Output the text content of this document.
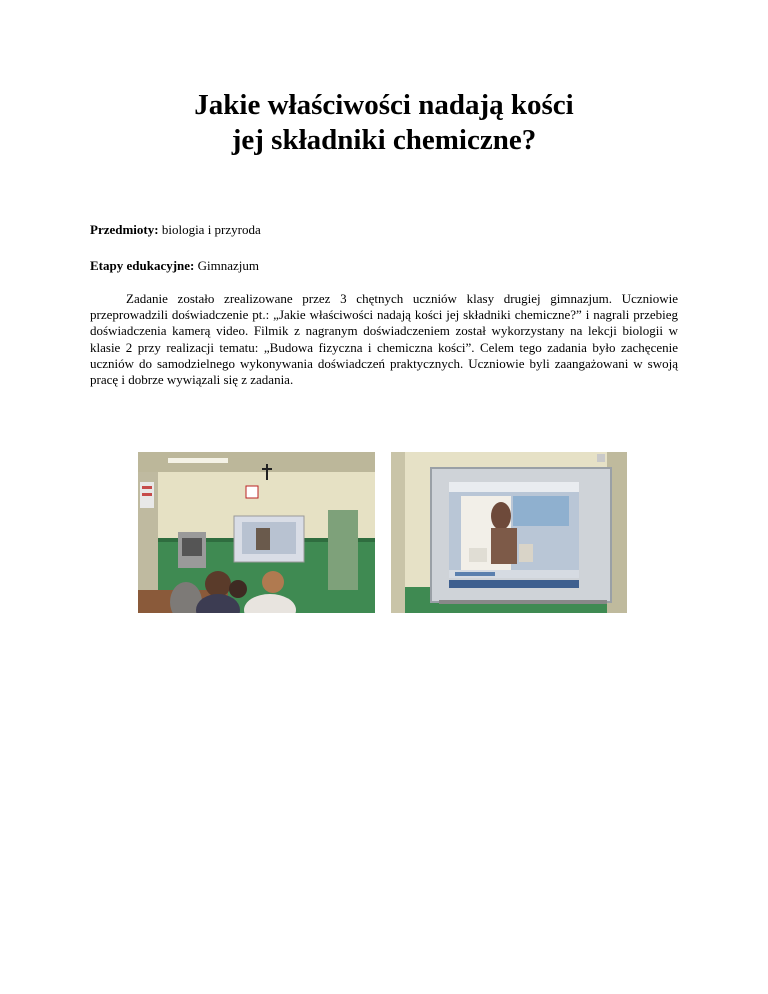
Jakie właściwości nadają kości
jej składniki chemiczne?
Przedmioty: biologia i przyroda
Etapy edukacyjne: Gimnazjum
Zadanie zostało zrealizowane przez 3 chętnych uczniów klasy drugiej gimnazjum. Uczniowie przeprowadzili doświadczenie pt.: „Jakie właściwości nadają kości jej składniki chemiczne?” i nagrali przebieg doświadczenia kamerą video. Filmik z nagranym doświadczeniem został wykorzystany na lekcji biologii w klasie 2 przy realizacji tematu: „Budowa fizyczna i chemiczna kości”. Celem tego zadania było zachęcenie uczniów do samodzielnego wykonywania doświadczeń praktycznych. Uczniowie byli zaangażowani w swoją pracę i dobrze wywiązali się z zadania.
